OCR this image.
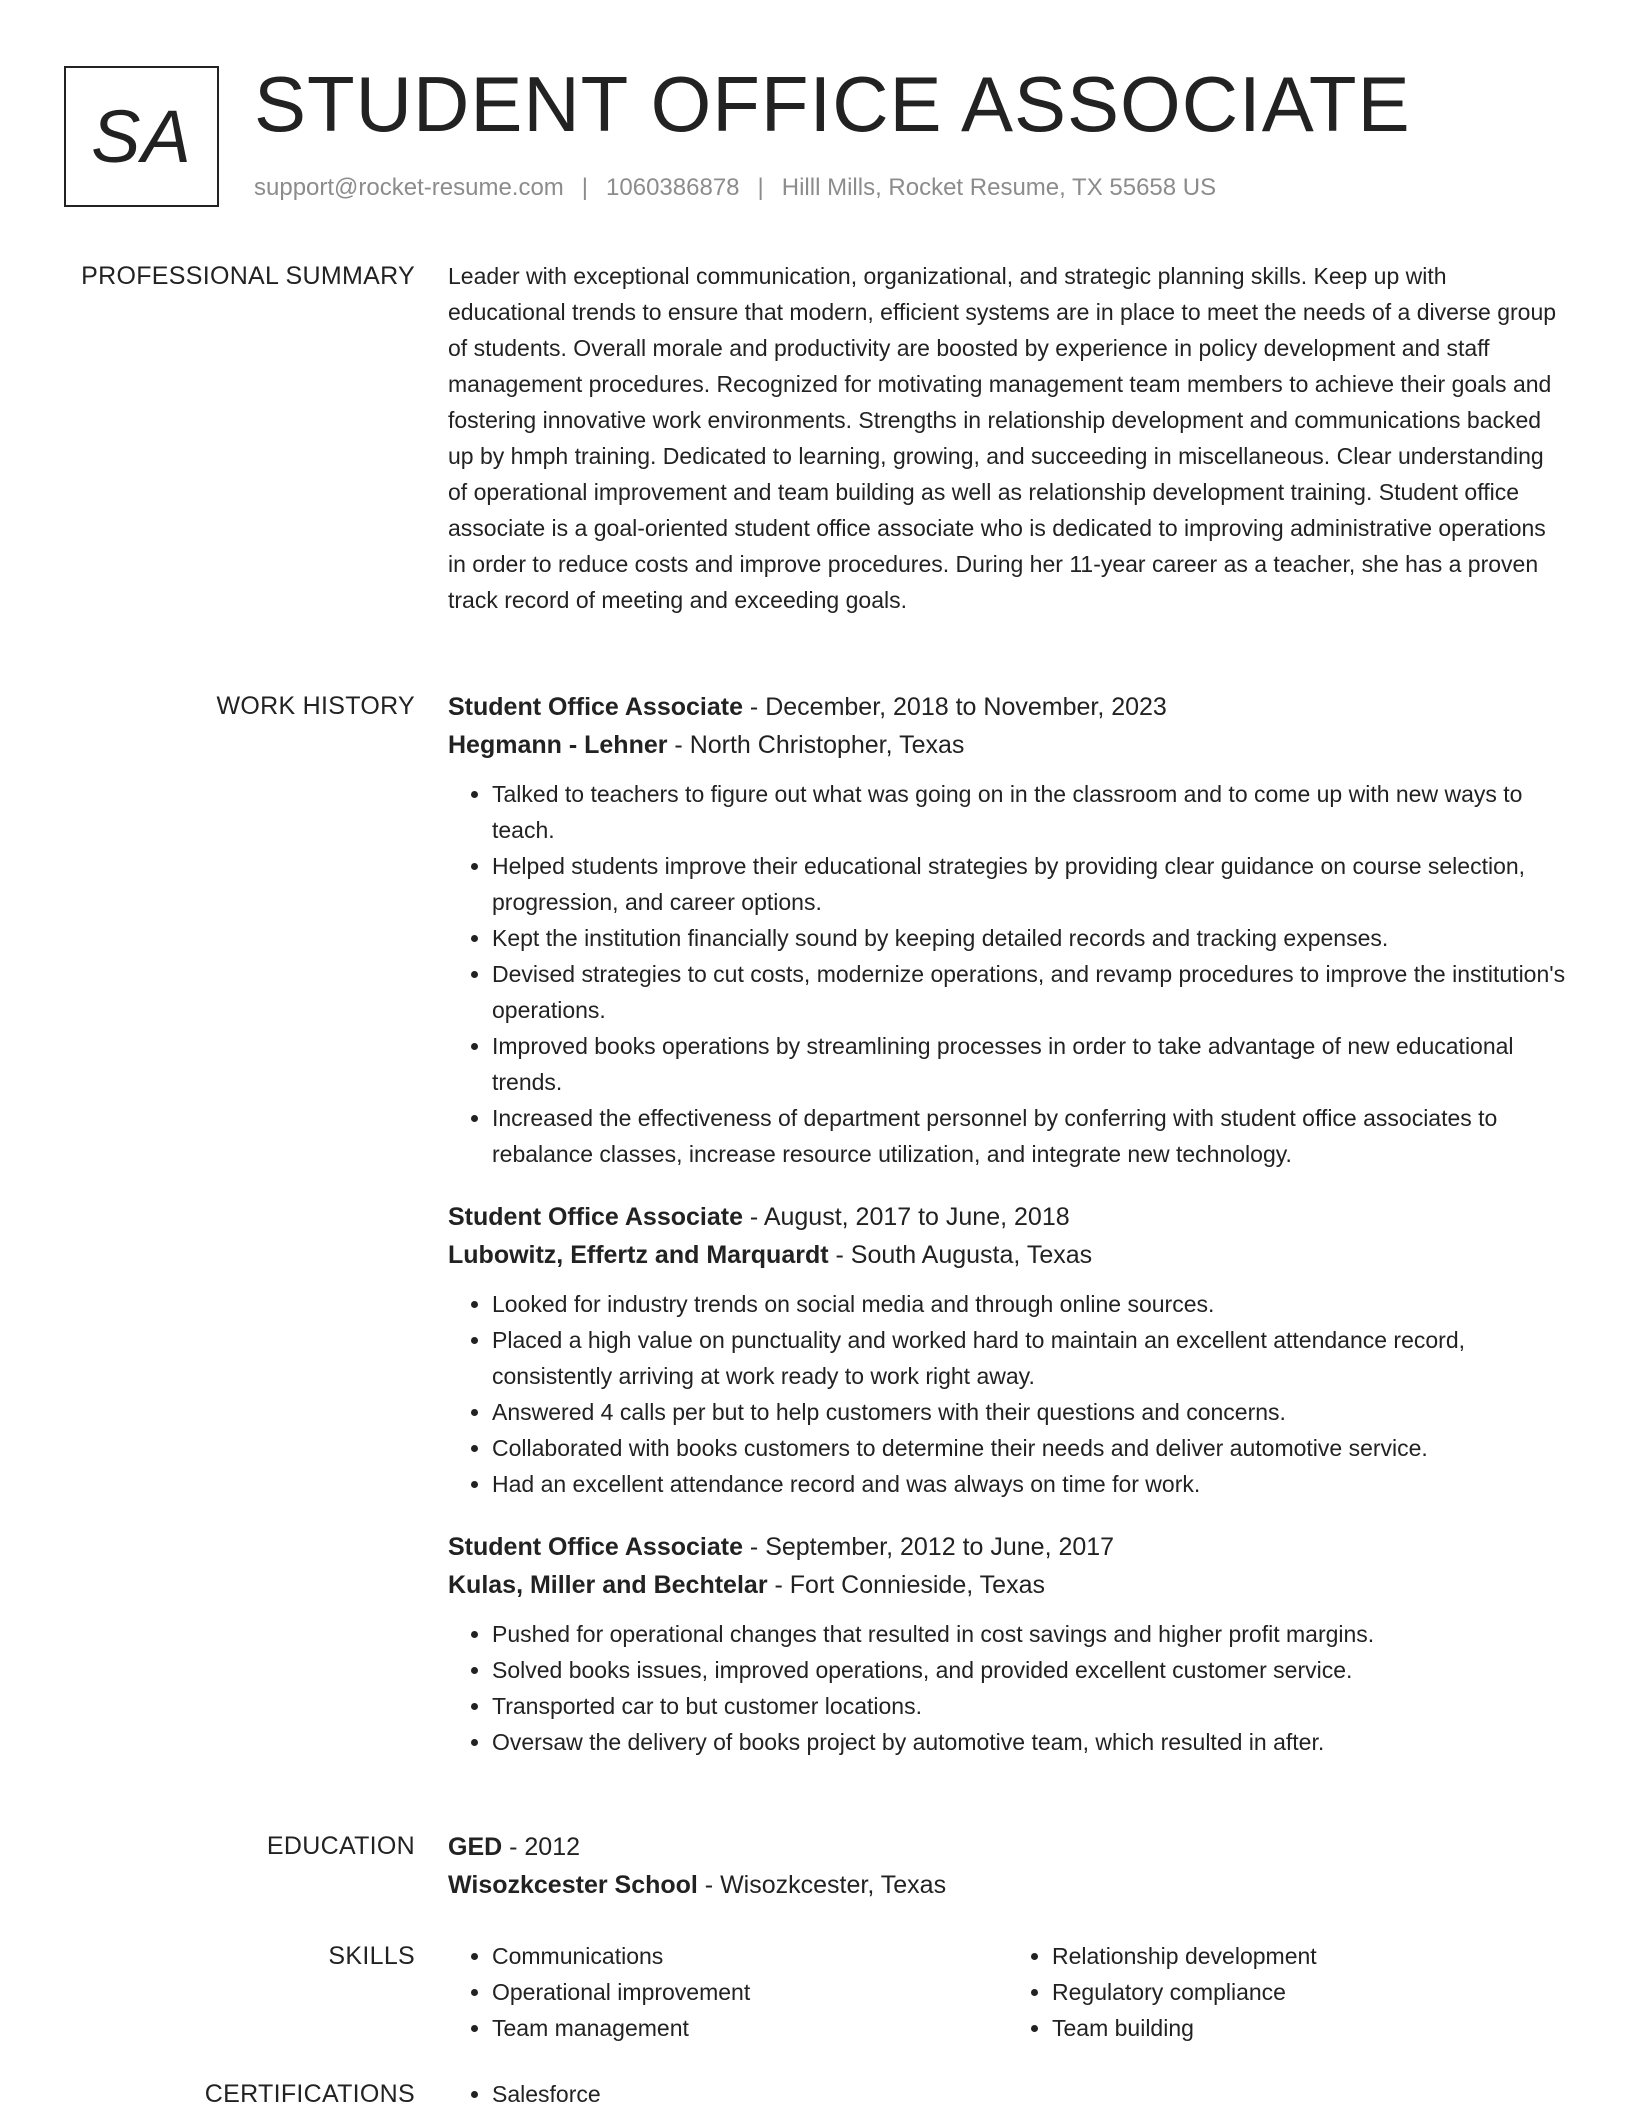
SA STUDENT OFFICE ASSOCIATE
support@rocket-resume.com | 1060386878 | Hilll Mills, Rocket Resume, TX 55658 US
PROFESSIONAL SUMMARY Leader with exceptional communication, organizational, and strategic planning skills. Keep up with educational trends to ensure that modern, efficient systems are in place to meet the needs of a diverse group of students. Overall morale and productivity are boosted by experience in policy development and staff management procedures. Recognized for motivating management team members to achieve their goals and fostering innovative work environments. Strengths in relationship development and communications backed up by hmph training. Dedicated to learning, growing, and succeeding in miscellaneous. Clear understanding of operational improvement and team building as well as relationship development training. Student office associate is a goal-oriented student office associate who is dedicated to improving administrative operations in order to reduce costs and improve procedures. During her 11-year career as a teacher, she has a proven track record of meeting and exceeding goals.

WORK HISTORY Student Office Associate - December, 2018 to November, 2023
Hegmann - Lehner - North Christopher, Texas
• Talked to teachers to figure out what was going on in the classroom and to come up with new ways to teach.
• Helped students improve their educational strategies by providing clear guidance on course selection, progression, and career options.
• Kept the institution financially sound by keeping detailed records and tracking expenses.
• Devised strategies to cut costs, modernize operations, and revamp procedures to improve the institution's operations.
• Improved books operations by streamlining processes in order to take advantage of new educational trends.
• Increased the effectiveness of department personnel by conferring with student office associates to rebalance classes, increase resource utilization, and integrate new technology.
Student Office Associate - August, 2017 to June, 2018
Lubowitz, Effertz and Marquardt - South Augusta, Texas
• Looked for industry trends on social media and through online sources.
• Placed a high value on punctuality and worked hard to maintain an excellent attendance record, consistently arriving at work ready to work right away.
• Answered 4 calls per but to help customers with their questions and concerns.
• Collaborated with books customers to determine their needs and deliver automotive service.
• Had an excellent attendance record and was always on time for work.
Student Office Associate - September, 2012 to June, 2017
Kulas, Miller and Bechtelar - Fort Connieside, Texas
• Pushed for operational changes that resulted in cost savings and higher profit margins.
• Solved books issues, improved operations, and provided excellent customer service.
• Transported car to but customer locations.
• Oversaw the delivery of books project by automotive team, which resulted in after.
EDUCATION GED - 2012
Wisozkcester School - Wisozkcester, Texas
SKILLS	• Communications
• Operational improvement
• Team management
• Relationship development
• Regulatory compliance
• Team building
CERTIFICATIONS	• Salesforce
